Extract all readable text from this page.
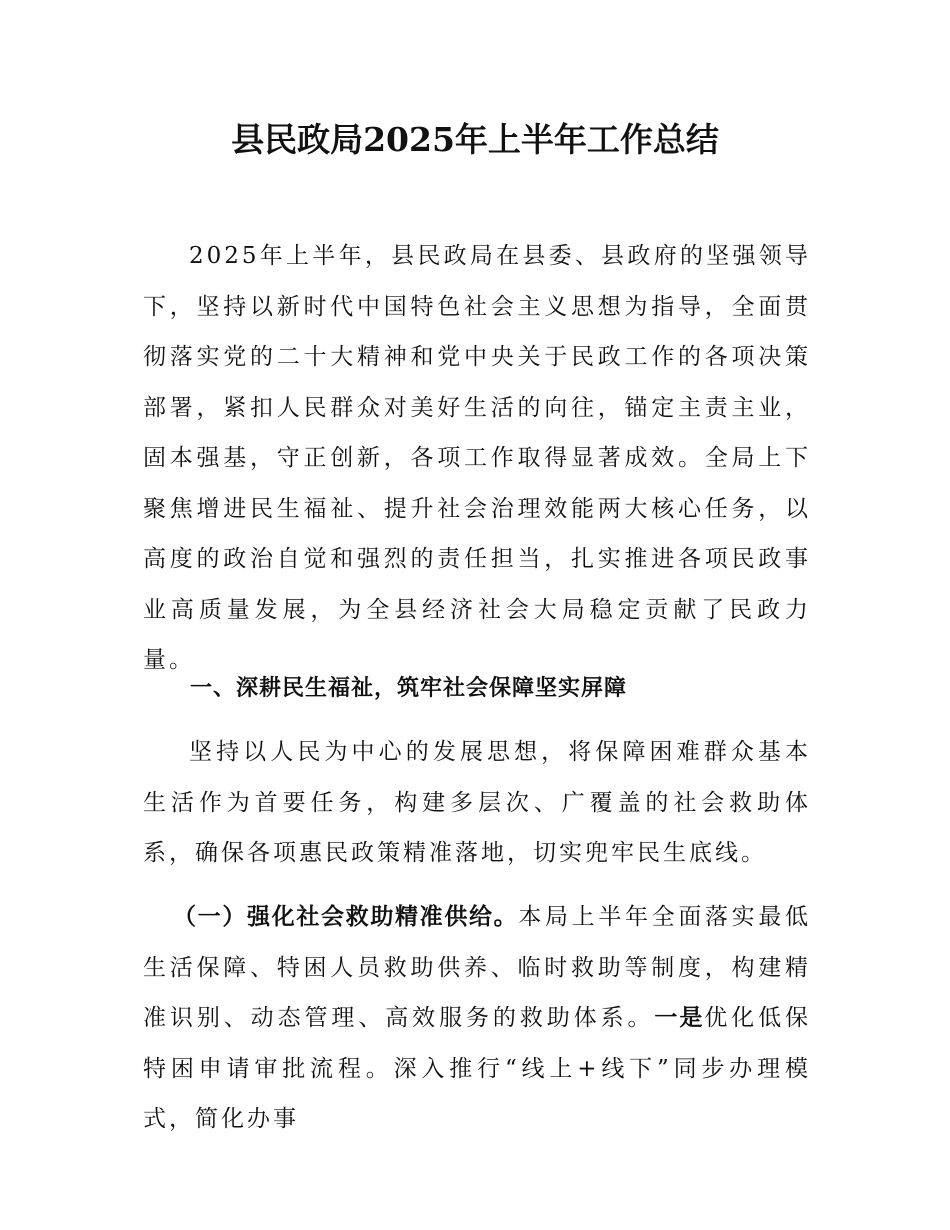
县民政局2025年上半年工作总结

2025年上半年，县民政局在县委、县政府的坚强领导下，坚持以新时代中国特色社会主义思想为指导，全面贯彻落实党的二十大精神和党中央关于民政工作的各项决策部署，紧扣人民群众对美好生活的向往，锚定主责主业，固本强基，守正创新，各项工作取得显著成效。全局上下聚焦增进民生福祉、提升社会治理效能两大核心任务，以高度的政治自觉和强烈的责任担当，扎实推进各项民政事业高质量发展，为全县经济社会大局稳定贡献了民政力量。

一、深耕民生福祉，筑牢社会保障坚实屏障

坚持以人民为中心的发展思想，将保障困难群众基本生活作为首要任务，构建多层次、广覆盖的社会救助体系，确保各项惠民政策精准落地，切实兜牢民生底线。

（一）强化社会救助精准供给。本局上半年全面落实最低生活保障、特困人员救助供养、临时救助等制度，构建精准识别、动态管理、高效服务的救助体系。一是优化低保特困申请审批流程。深入推行“线上+线下”同步办理模式，简化办事
